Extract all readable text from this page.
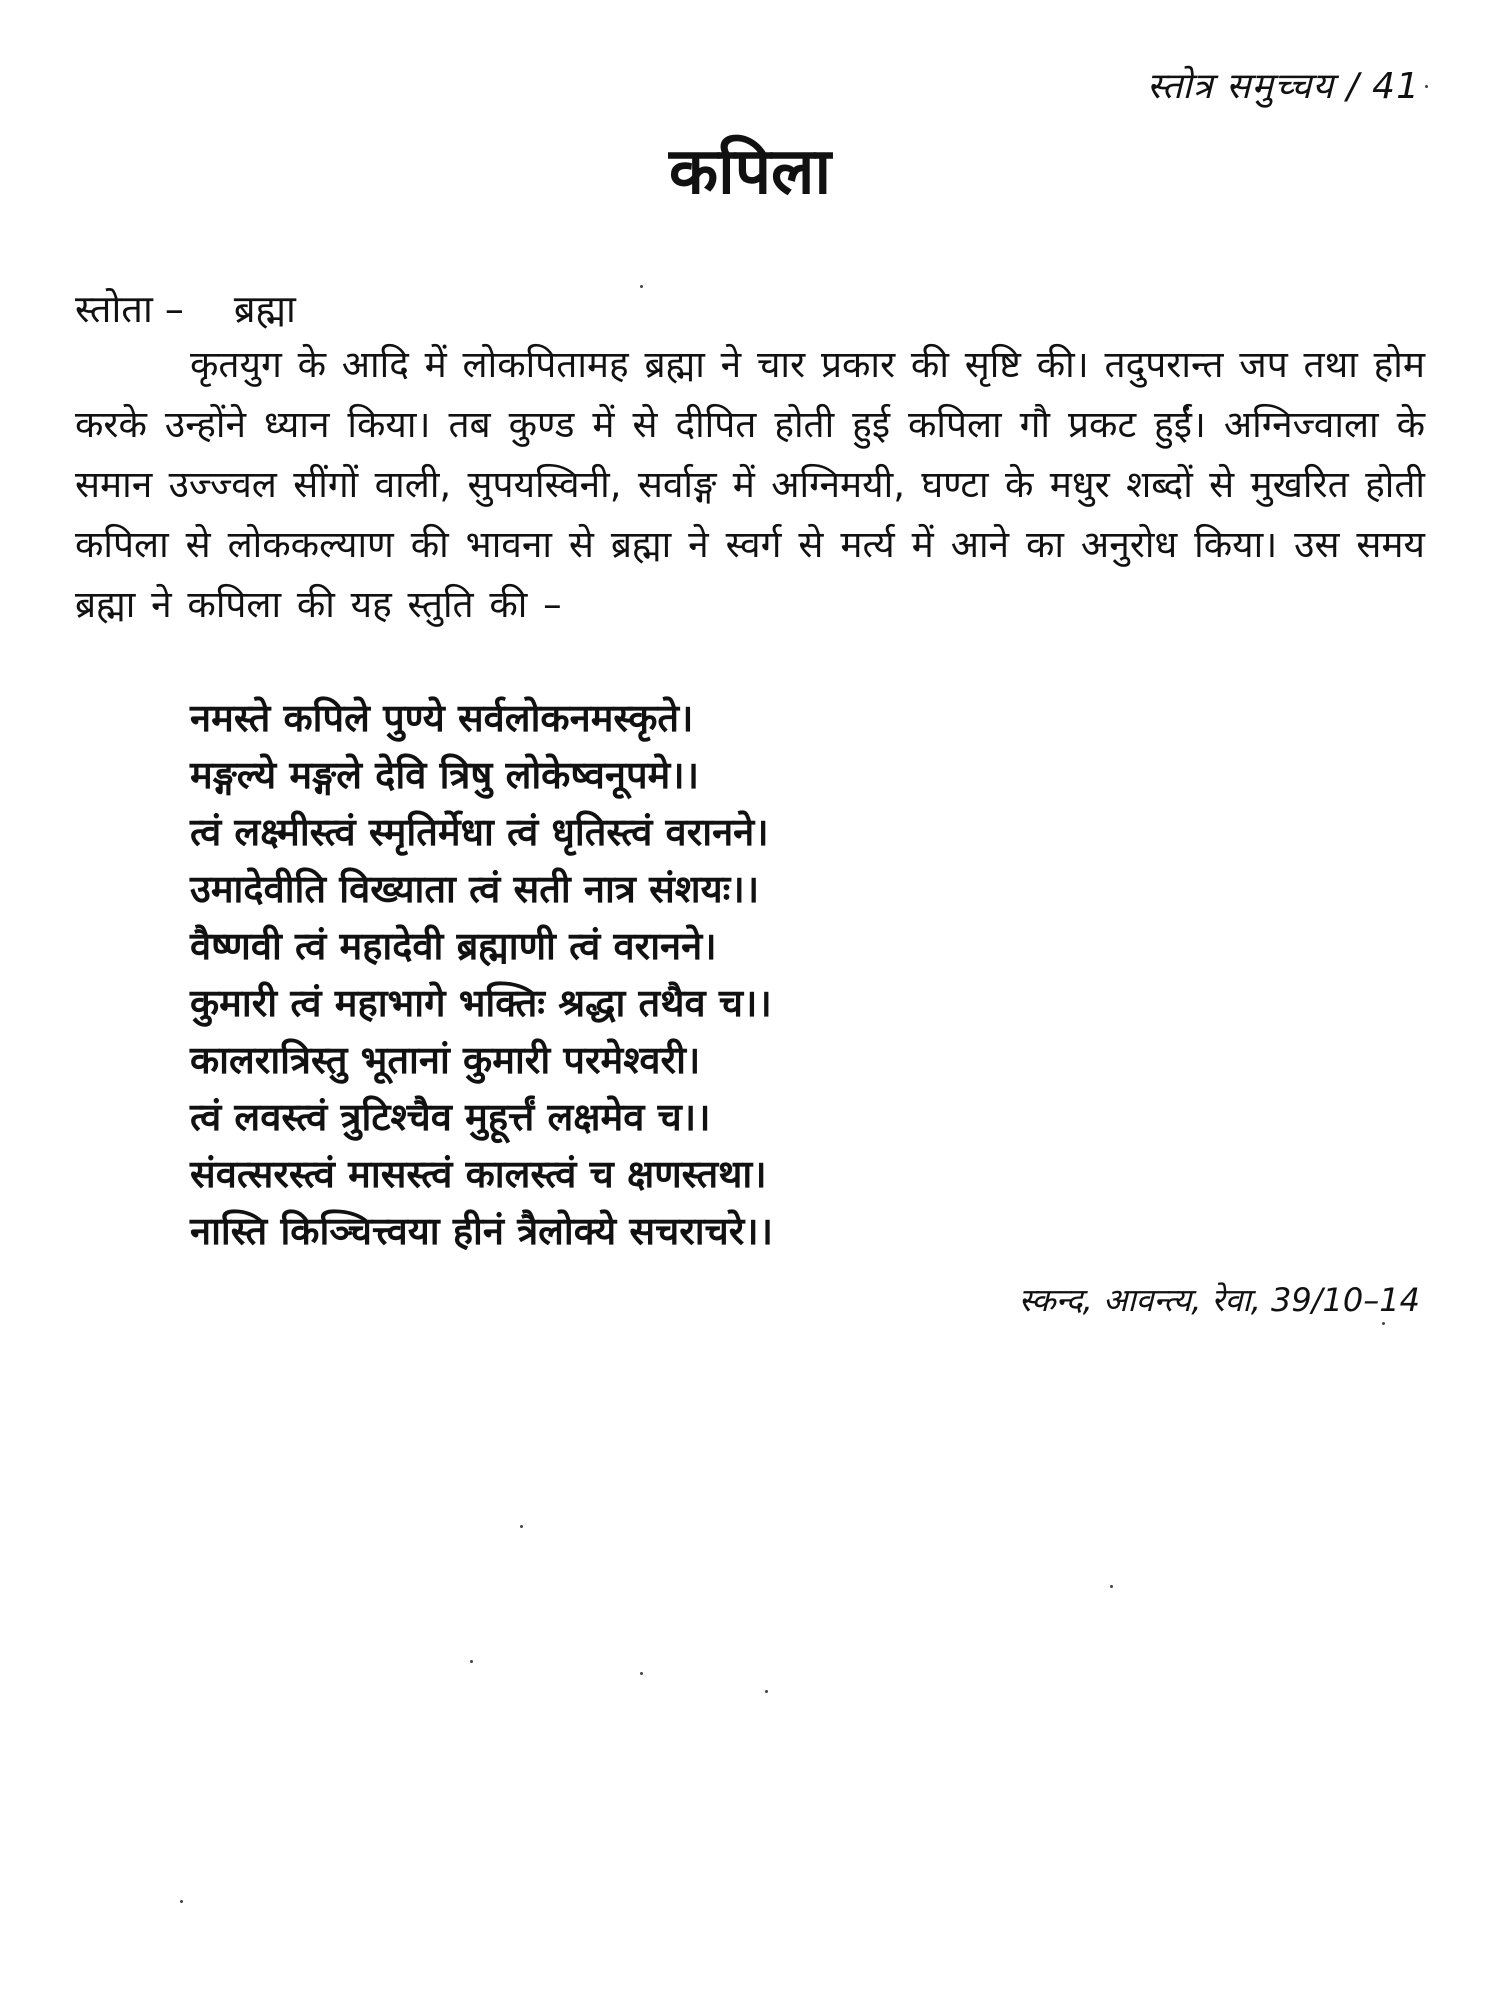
स्तोत्र समुच्चय / 41
कपिला
स्तोता – ब्रह्मा

कृतयुग के आदि में लोकपितामह ब्रह्मा ने चार प्रकार की सृष्टि की। तदुपरान्त जप तथा होम करके उन्होंने ध्यान किया। तब कुण्ड में से दीपित होती हुई कपिला गौ प्रकट हुईं। अग्निज्वाला के समान उज्ज्वल सींगों वाली, सुपयस्विनी, सर्वाङ्ग में अग्निमयी, घण्टा के मधुर शब्दों से मुखरित होती कपिला से लोककल्याण की भावना से ब्रह्मा ने स्वर्ग से मर्त्य में आने का अनुरोध किया। उस समय ब्रह्मा ने कपिला की यह स्तुति की –

नमस्ते कपिले पुण्ये सर्वलोकनमस्कृते।
मङ्गल्ये मङ्गले देवि त्रिषु लोकेष्वनूपमे।।
त्वं लक्ष्मीस्त्वं स्मृतिर्मेधा त्वं धृतिस्त्वं वरानने।
उमादेवीति विख्याता त्वं सती नात्र संशयः।।
वैष्णवी त्वं महादेवी ब्रह्माणी त्वं वरानने।
कुमारी त्वं महाभागे भक्तिः श्रद्धा तथैव च।।
कालरात्रिस्तु भूतानां कुमारी परमेश्वरी।
त्वं लवस्त्वं त्रुटिश्चैव मुहूर्त्तं लक्षमेव च।।
संवत्सरस्त्वं मासस्त्वं कालस्त्वं च क्षणस्तथा।
नास्ति किञ्चित्त्वया हीनं त्रैलोक्ये सचराचरे।।
स्कन्द, आवन्त्य, रेवा, 39/10–14
